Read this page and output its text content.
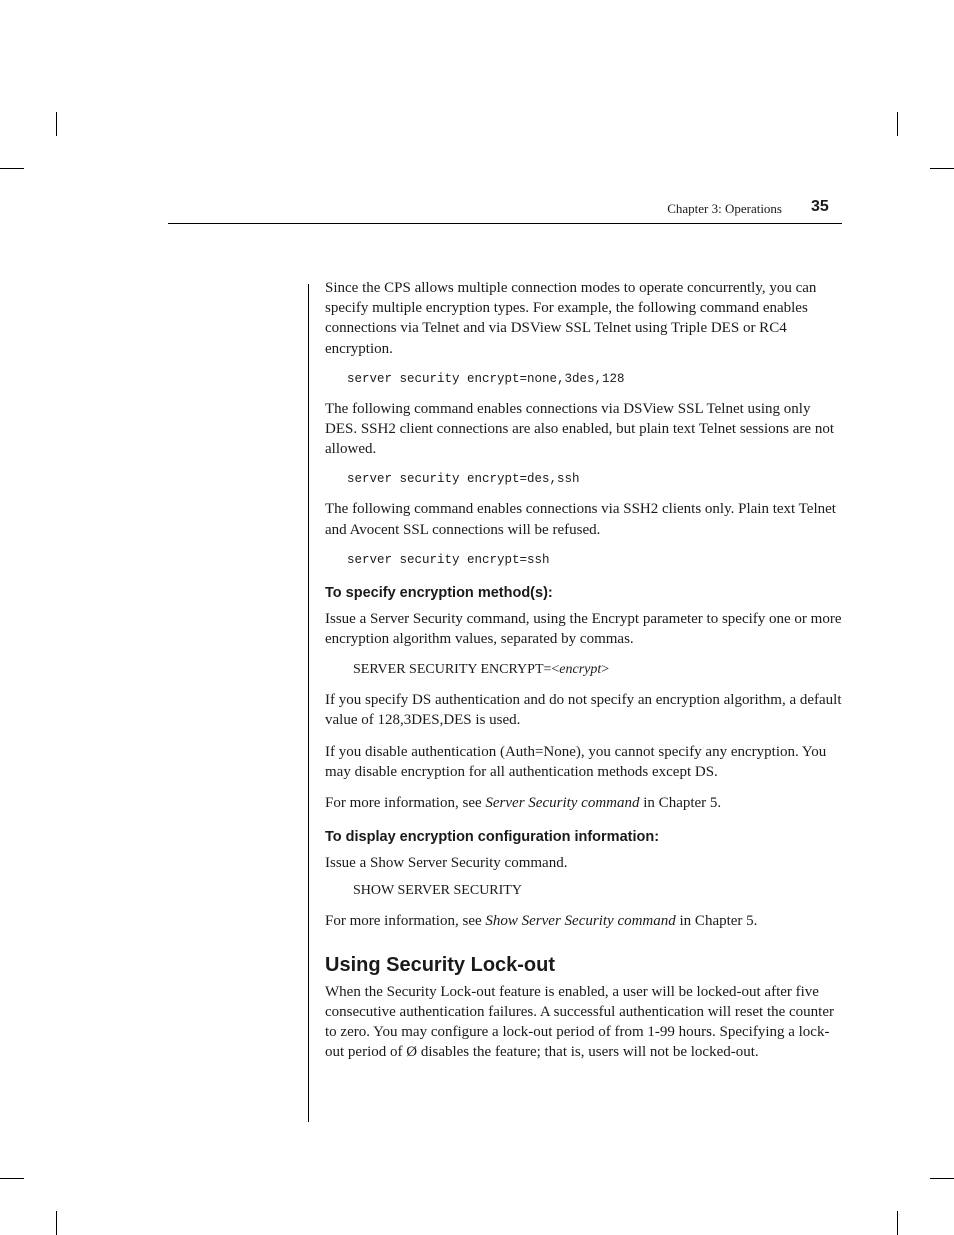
Chapter 3: Operations 35

Since the CPS allows multiple connection modes to operate concurrently, you can specify multiple encryption types. For example, the following command enables connections via Telnet and via DSView SSL Telnet using Triple DES or RC4 encryption.

server security encrypt=none,3des,128

The following command enables connections via DSView SSL Telnet using only DES. SSH2 client connections are also enabled, but plain text Telnet sessions are not allowed.

server security encrypt=des,ssh

The following command enables connections via SSH2 clients only. Plain text Telnet and Avocent SSL connections will be refused.

server security encrypt=ssh
To specify encryption method(s):

Issue a Server Security command, using the Encrypt parameter to specify one or more encryption algorithm values, separated by commas.

SERVER SECURITY ENCRYPT=<encrypt>

If you specify DS authentication and do not specify an encryption algorithm, a default value of 128,3DES,DES is used.

If you disable authentication (Auth=None), you cannot specify any encryption. You may disable encryption for all authentication methods except DS.

For more information, see Server Security command in Chapter 5.

To display encryption configuration information:

Issue a Show Server Security command.

SHOW SERVER SECURITY

For more information, see Show Server Security command in Chapter 5.

Using Security Lock-out

When the Security Lock-out feature is enabled, a user will be locked-out after five consecutive authentication failures. A successful authentication will reset the counter to zero. You may configure a lock-out period of from 1-99 hours. Specifying a lock-out period of Ø disables the feature; that is, users will not be locked-out.
